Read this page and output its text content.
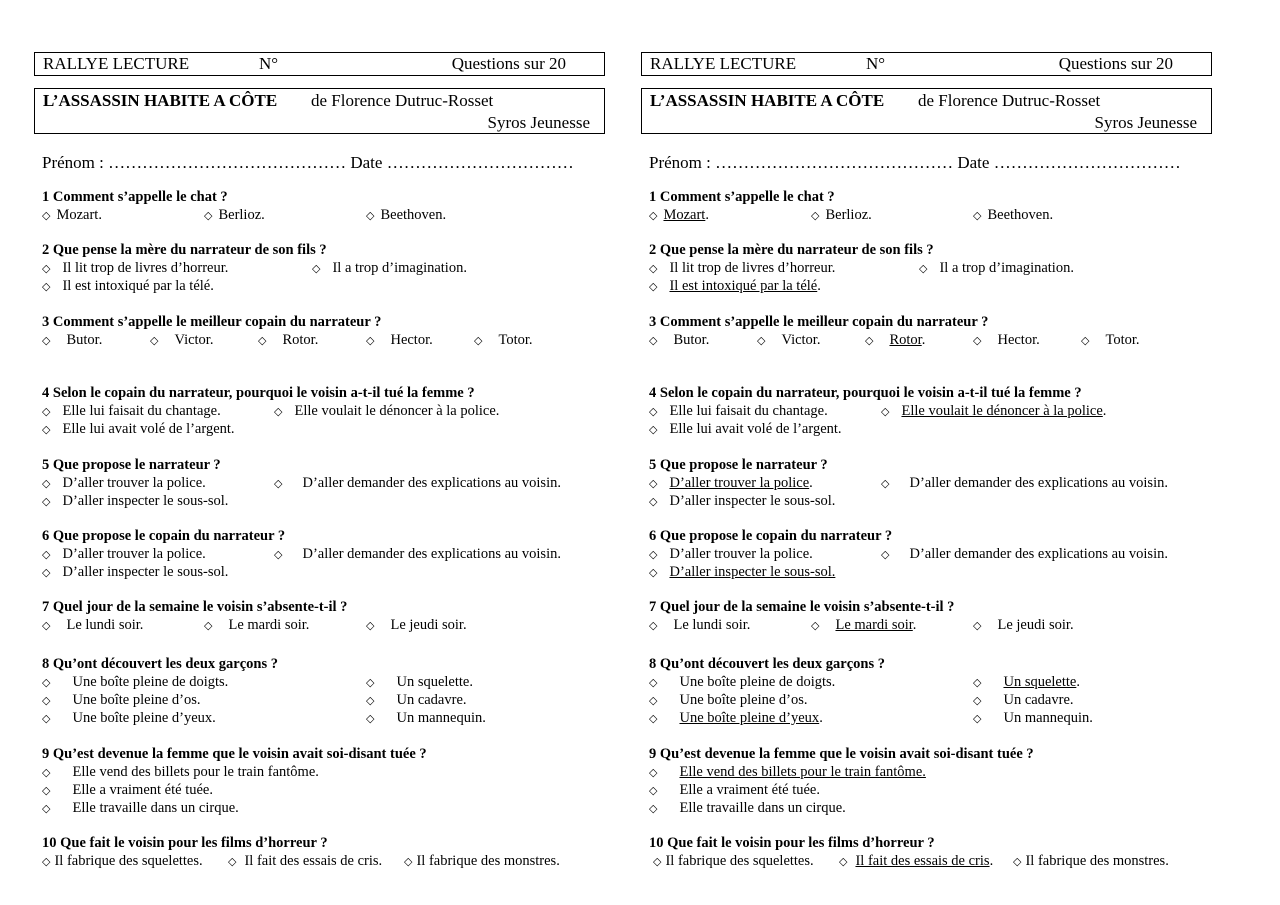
RALLYE LECTURE	N°	Questions sur 20
L’ASSASSIN HABITE A CÔTE de Florence Dutruc-Rosset
Syros Jeunesse
Prénom : …………………………………… Date ……………………………
1 Comment s’appelle le chat ?
◇ Mozart.	◇ Berlioz.	◇ Beethoven.
2 Que pense la mère du narrateur de son fils ?
◇ Il lit trop de livres d’horreur.	◇ Il a trop d’imagination.
◇ Il est intoxiqué par la télé.
3 Comment s’appelle le meilleur copain du narrateur ?
◇ Butor.	◇ Victor.	◇ Rotor.	◇ Hector.	◇ Totor.
4 Selon le copain du narrateur, pourquoi le voisin a-t-il tué la femme ?
◇ Elle lui faisait du chantage.	◇ Elle voulait le dénoncer à la police.
◇ Elle lui avait volé de l’argent.
5 Que propose le narrateur ?
◇ D’aller trouver la police.	◇ D’aller demander des explications au voisin.
◇ D’aller inspecter le sous-sol.
6 Que propose le copain du narrateur ?
◇ D’aller trouver la police.	◇ D’aller demander des explications au voisin.
◇ D’aller inspecter le sous-sol.
7 Quel jour de la semaine le voisin s’absente-t-il ?
◇ Le lundi soir.	◇ Le mardi soir.	◇ Le jeudi soir.
8 Qu’ont découvert les deux garçons ?
◇ Une boîte pleine de doigts.	◇ Un squelette.
◇ Une boîte pleine d’os.	◇ Un cadavre.
◇ Une boîte pleine d’yeux.	◇ Un mannequin.
9 Qu’est devenue la femme que le voisin avait soi-disant tuée ?
◇ Elle vend des billets pour le train fantôme.
◇ Elle a vraiment été tuée.
◇ Elle travaille dans un cirque.
10 Que fait le voisin pour les films d’horreur ?
◇ Il fabrique des squelettes. ◇ Il fait des essais de cris. ◇ Il fabrique des monstres.
RALLYE LECTURE	N°	Questions sur 20
L’ASSASSIN HABITE A CÔTE de Florence Dutruc-Rosset
Syros Jeunesse
Prénom : …………………………………… Date ……………………………
1 Comment s’appelle le chat ?
◇ Mozart.	◇ Berlioz.	◇ Beethoven.
2 Que pense la mère du narrateur de son fils ?
◇ Il lit trop de livres d’horreur.	◇ Il a trop d’imagination.
◇ Il est intoxiqué par la télé.
3 Comment s’appelle le meilleur copain du narrateur ?
◇ Butor.	◇ Victor.	◇ Rotor.	◇ Hector.	◇ Totor.
4 Selon le copain du narrateur, pourquoi le voisin a-t-il tué la femme ?
◇ Elle lui faisait du chantage.	◇ Elle voulait le dénoncer à la police.
◇ Elle lui avait volé de l’argent.
5 Que propose le narrateur ?
◇ D’aller trouver la police.	◇ D’aller demander des explications au voisin.
◇ D’aller inspecter le sous-sol.
6 Que propose le copain du narrateur ?
◇ D’aller trouver la police.	◇ D’aller demander des explications au voisin.
◇ D’aller inspecter le sous-sol.
7 Quel jour de la semaine le voisin s’absente-t-il ?
◇ Le lundi soir.	◇ Le mardi soir.	◇ Le jeudi soir.
8 Qu’ont découvert les deux garçons ?
◇ Une boîte pleine de doigts.	◇ Un squelette.
◇ Une boîte pleine d’os.	◇ Un cadavre.
◇ Une boîte pleine d’yeux.	◇ Un mannequin.
9 Qu’est devenue la femme que le voisin avait soi-disant tuée ?
◇ Elle vend des billets pour le train fantôme.
◇ Elle a vraiment été tuée.
◇ Elle travaille dans un cirque.
10 Que fait le voisin pour les films d’horreur ?
◇ Il fabrique des squelettes. ◇ Il fait des essais de cris. ◇ Il fabrique des monstres.
